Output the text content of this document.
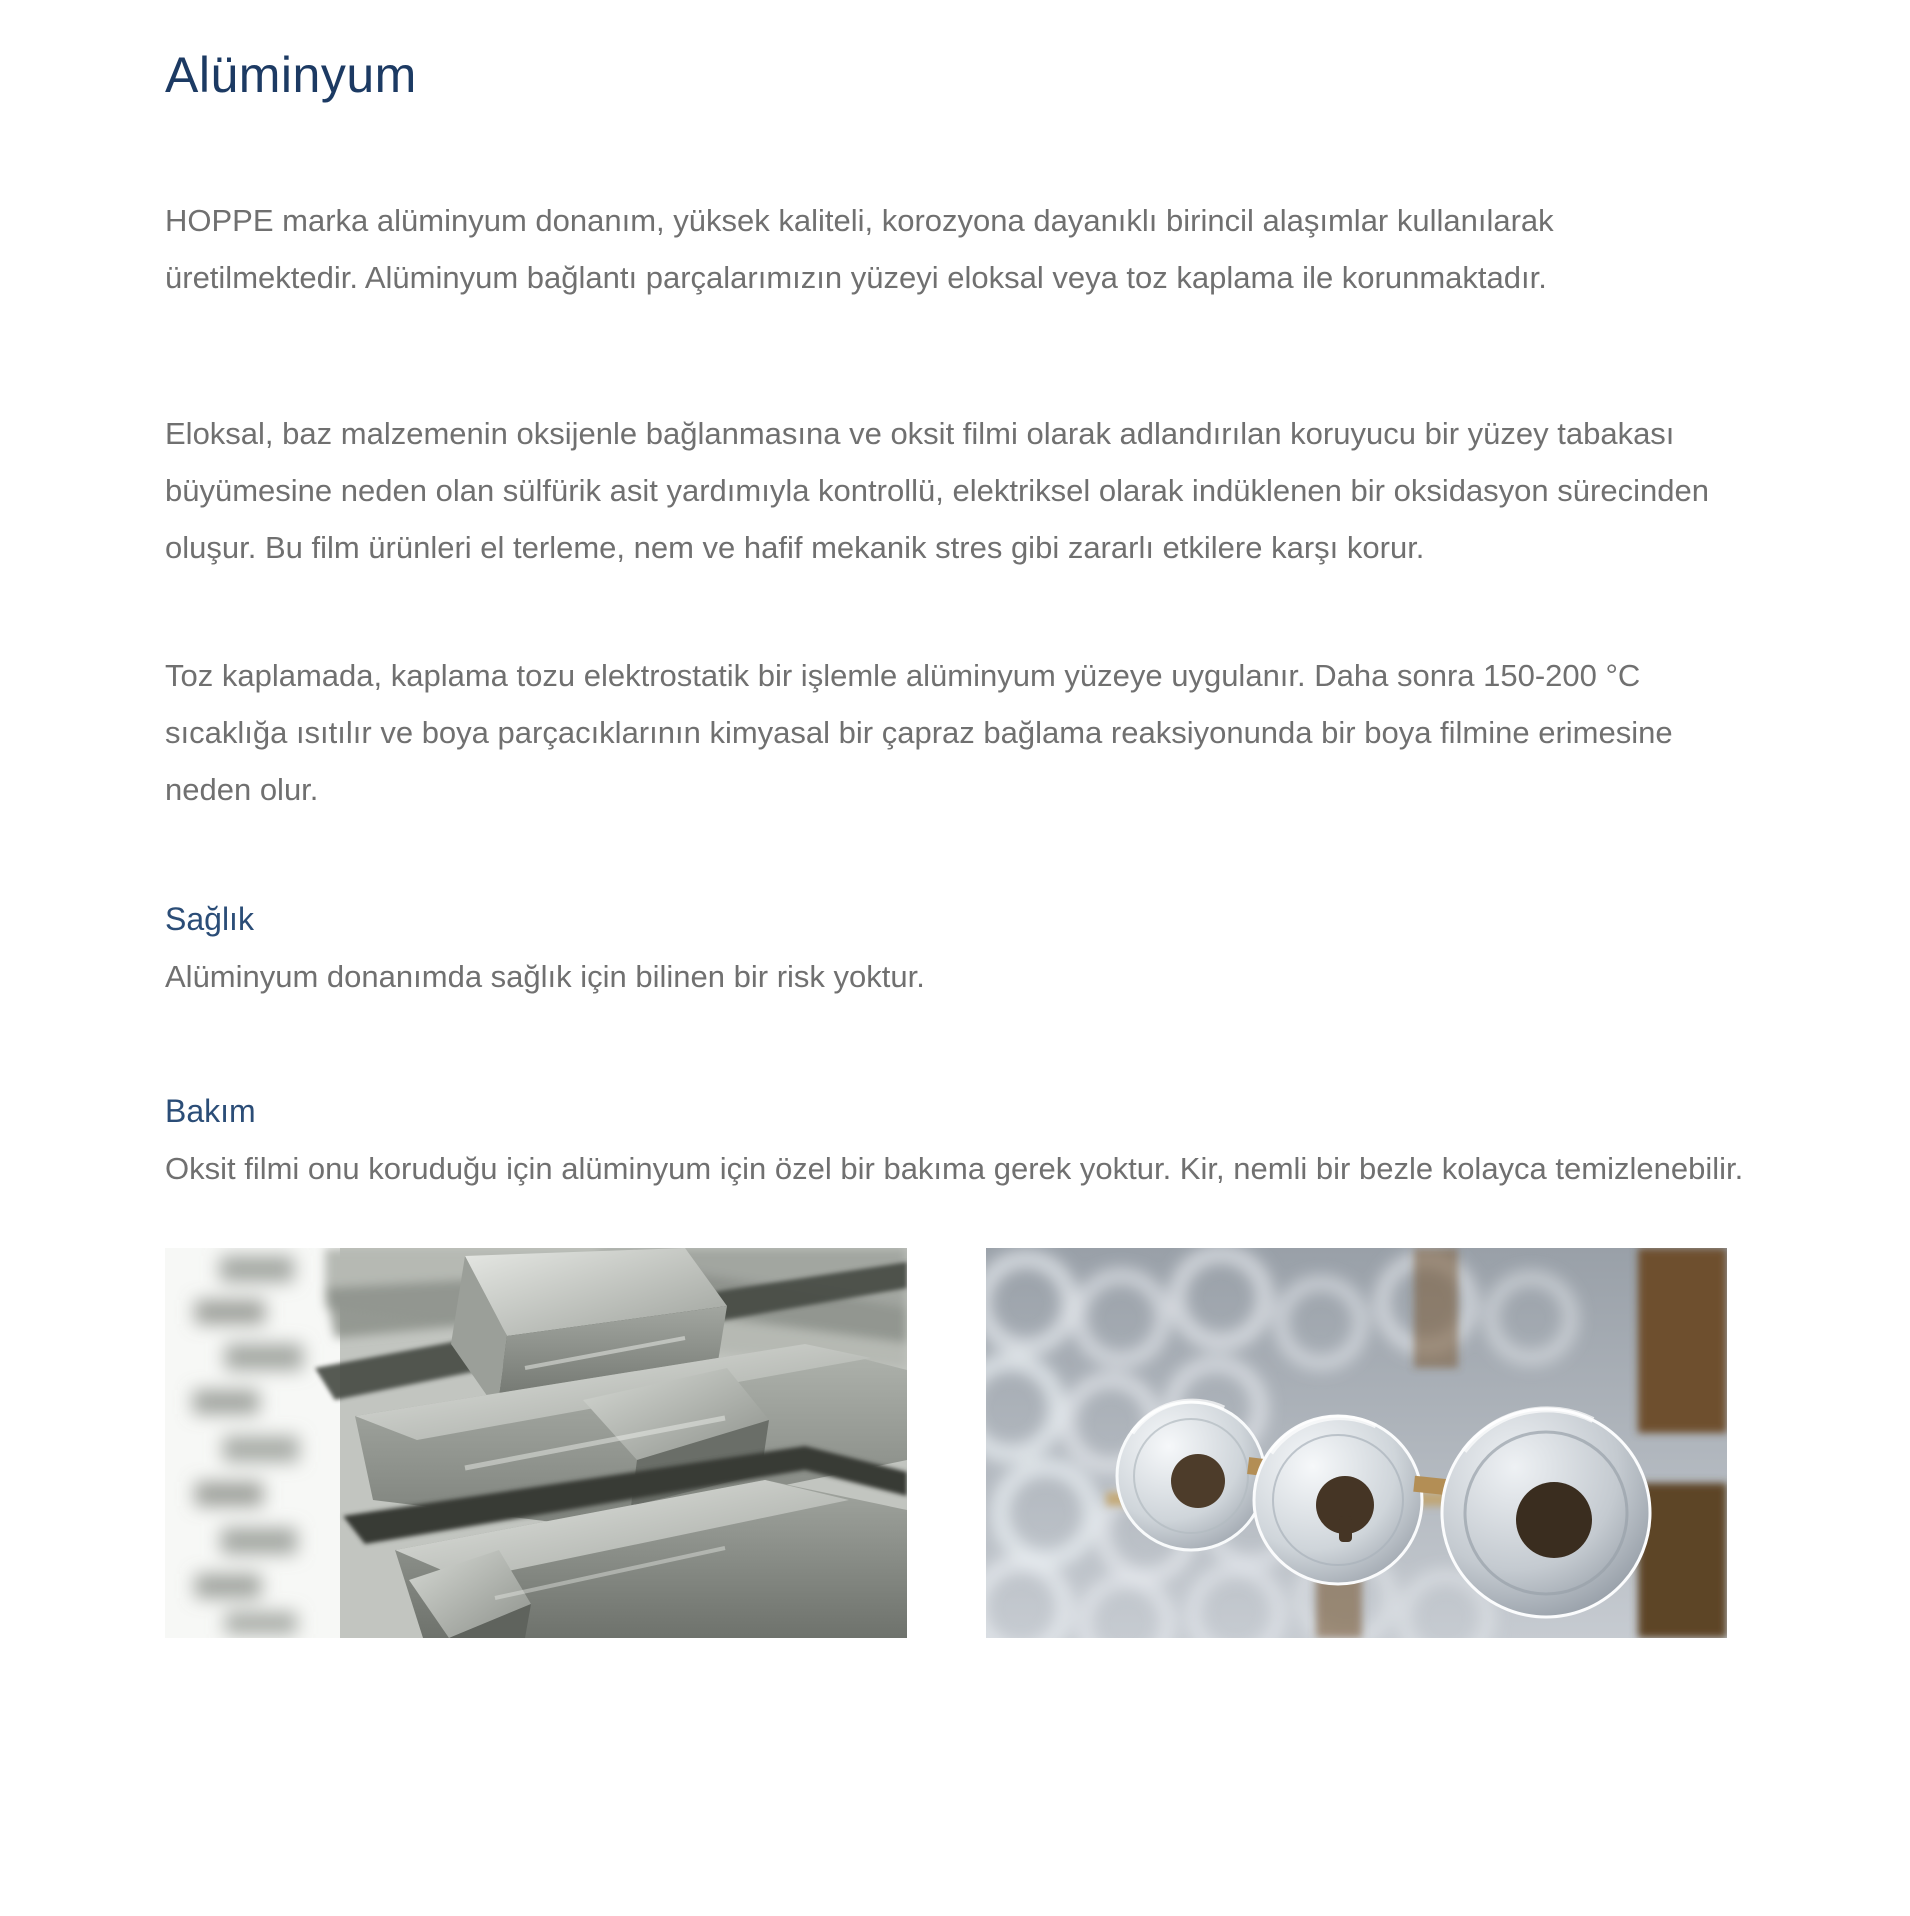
Alüminyum

HOPPE marka alüminyum donanım, yüksek kaliteli, korozyona dayanıklı birincil alaşımlar kullanılarak üretilmektedir. Alüminyum bağlantı parçalarımızın yüzeyi eloksal veya toz kaplama ile korunmaktadır.

Eloksal, baz malzemenin oksijenle bağlanmasına ve oksit filmi olarak adlandırılan koruyucu bir yüzey tabakası büyümesine neden olan sülfürik asit yardımıyla kontrollü, elektriksel olarak indüklenen bir oksidasyon sürecinden oluşur. Bu film ürünleri el terleme, nem ve hafif mekanik stres gibi zararlı etkilere karşı korur.

Toz kaplamada, kaplama tozu elektrostatik bir işlemle alüminyum yüzeye uygulanır. Daha sonra 150-200 °C sıcaklığa ısıtılır ve boya parçacıklarının kimyasal bir çapraz bağlama reaksiyonunda bir boya filmine erimesine neden olur.

Sağlık

Alüminyum donanımda sağlık için bilinen bir risk yoktur.

Bakım

Oksit filmi onu koruduğu için alüminyum için özel bir bakıma gerek yoktur. Kir, nemli bir bezle kolayca temizlenebilir.
